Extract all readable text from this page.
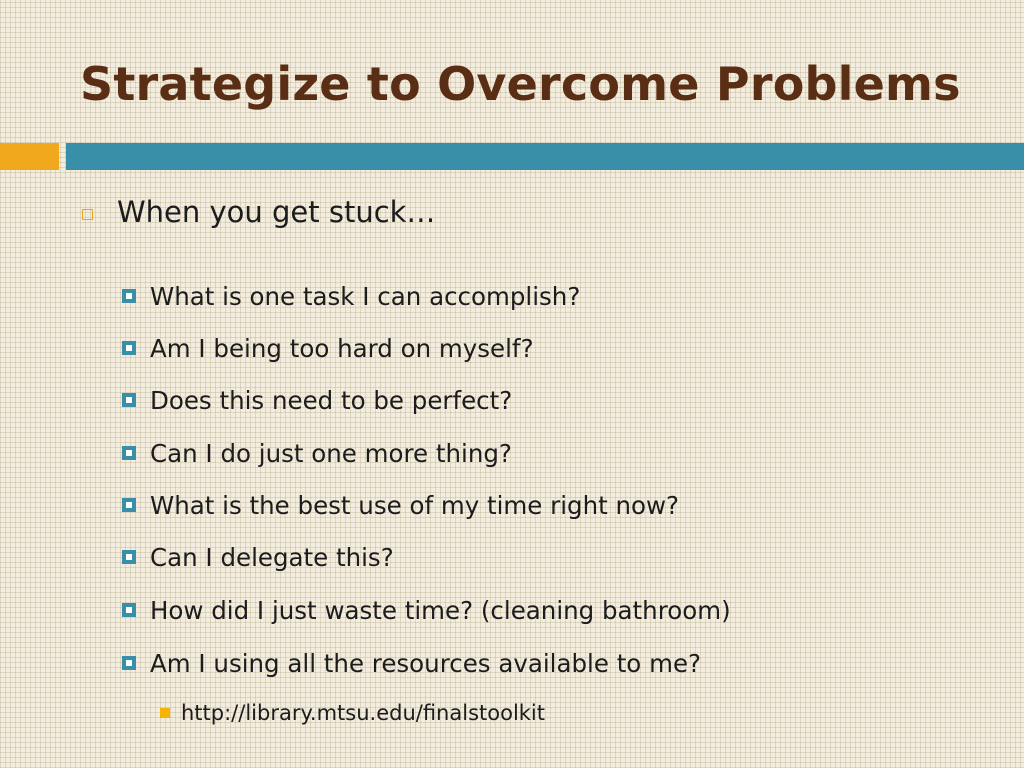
Strategize to Overcome Problems
When you get stuck…
What is one task I can accomplish?
Am I being too hard on myself?
Does this need to be perfect?
Can I do just one more thing?
What is the best use of my time right now?
Can I delegate this?
How did I just waste time? (cleaning bathroom)
Am I using all the resources available to me?
http://library.mtsu.edu/finalstoolkit
